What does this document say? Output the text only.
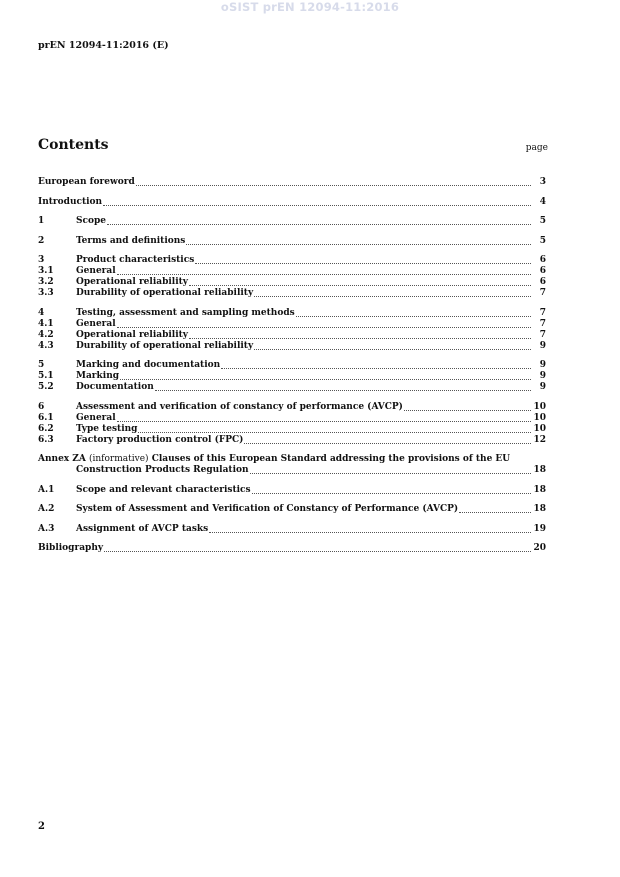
oSIST prEN 12094-11:2016
prEN 12094-11:2016 (E)
Contents	page
European foreword	3
Introduction	4
1	Scope	5
2	Terms and definitions	5
3	Product characteristics	6
3.1	General	6
3.2	Operational reliability	6
3.3	Durability of operational reliability	7
4	Testing, assessment and sampling methods	7
4.1	General	7
4.2	Operational reliability	7
4.3	Durability of operational reliability	9
5	Marking and documentation	9
5.1	Marking	9
5.2	Documentation	9
6	Assessment and verification of constancy of performance (AVCP)	10
6.1	General	10
6.2	Type testing	10
6.3	Factory production control (FPC)	12
Annex ZA (informative) Clauses of this European Standard addressing the provisions of the EU
Construction Products Regulation	18
A.1	Scope and relevant characteristics	18
A.2	System of Assessment and Verification of Constancy of Performance (AVCP)	18
A.3	Assignment of AVCP tasks	19
Bibliography	20
2
